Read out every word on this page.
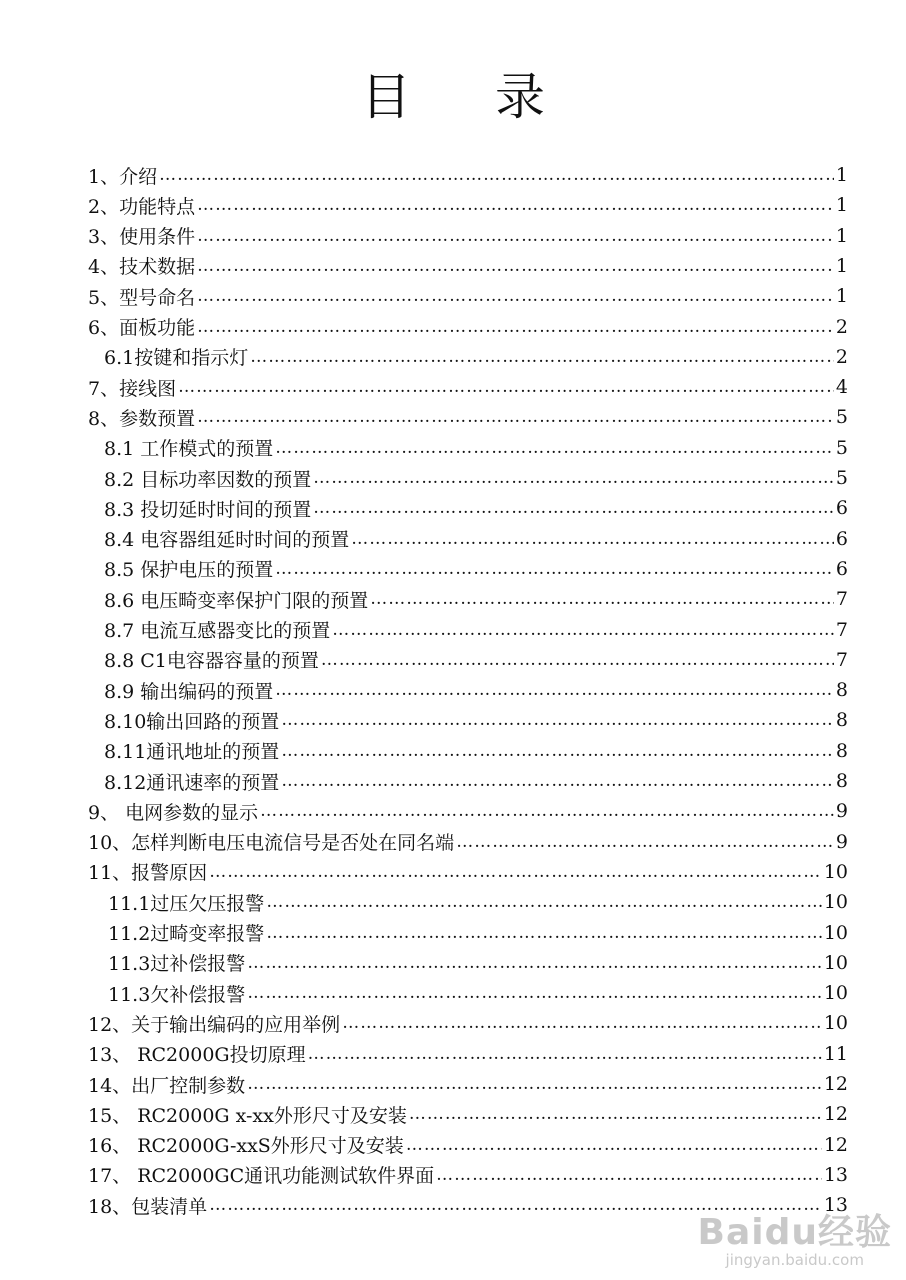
目 录
1、介绍 …………………………………………………………………………………………………………………………………………………………………………………………………………	1
2、功能特点 …………………………………………………………………………………………………………………………………………………………………………………………………………	1
3、使用条件 …………………………………………………………………………………………………………………………………………………………………………………………………………	1
4、技术数据 …………………………………………………………………………………………………………………………………………………………………………………………………………	1
5、型号命名 …………………………………………………………………………………………………………………………………………………………………………………………………………	1
6、面板功能 …………………………………………………………………………………………………………………………………………………………………………………………………………	2
6.1按键和指示灯 …………………………………………………………………………………………………………………………………………………………………………………………………………	2
7、接线图 …………………………………………………………………………………………………………………………………………………………………………………………………………	4
8、参数预置 …………………………………………………………………………………………………………………………………………………………………………………………………………	5
8.1 工作模式的预置 …………………………………………………………………………………………………………………………………………………………………………………………………………	5
8.2 目标功率因数的预置 …………………………………………………………………………………………………………………………………………………………………………………………………………	5
8.3 投切延时时间的预置 …………………………………………………………………………………………………………………………………………………………………………………………………………	6
8.4 电容器组延时时间的预置 …………………………………………………………………………………………………………………………………………………………………………………………………………	6
8.5 保护电压的预置 …………………………………………………………………………………………………………………………………………………………………………………………………………	6
8.6 电压畸变率保护门限的预置 …………………………………………………………………………………………………………………………………………………………………………………………………………	7
8.7 电流互感器变比的预置 …………………………………………………………………………………………………………………………………………………………………………………………………………	7
8.8 C1电容器容量的预置 …………………………………………………………………………………………………………………………………………………………………………………………………………	7
8.9 输出编码的预置 …………………………………………………………………………………………………………………………………………………………………………………………………………	8
8.10输出回路的预置 …………………………………………………………………………………………………………………………………………………………………………………………………………	8
8.11通讯地址的预置 …………………………………………………………………………………………………………………………………………………………………………………………………………	8
8.12通讯速率的预置 …………………………………………………………………………………………………………………………………………………………………………………………………………	8
9、 电网参数的显示 …………………………………………………………………………………………………………………………………………………………………………………………………………	9
10、怎样判断电压电流信号是否处在同名端 …………………………………………………………………………………………………………………………………………………………………………………………………………	9
11、报警原因 …………………………………………………………………………………………………………………………………………………………………………………………………………	10
11.1过压欠压报警 …………………………………………………………………………………………………………………………………………………………………………………………………………	10
11.2过畸变率报警 …………………………………………………………………………………………………………………………………………………………………………………………………………	10
11.3过补偿报警 …………………………………………………………………………………………………………………………………………………………………………………………………………	10
11.3欠补偿报警 …………………………………………………………………………………………………………………………………………………………………………………………………………	10
12、关于输出编码的应用举例 …………………………………………………………………………………………………………………………………………………………………………………………………………	10
13、 RC2000G投切原理 …………………………………………………………………………………………………………………………………………………………………………………………………………	11
14、出厂控制参数 …………………………………………………………………………………………………………………………………………………………………………………………………………	12
15、 RC2000G x-xx外形尺寸及安装 …………………………………………………………………………………………………………………………………………………………………………………………………………	12
16、 RC2000G-xxS外形尺寸及安装 …………………………………………………………………………………………………………………………………………………………………………………………………………	12
17、 RC2000GC通讯功能测试软件界面 …………………………………………………………………………………………………………………………………………………………………………………………………………	13
18、包装清单 …………………………………………………………………………………………………………………………………………………………………………………………………………	13
Baidu经验
jingyan.baidu.com
